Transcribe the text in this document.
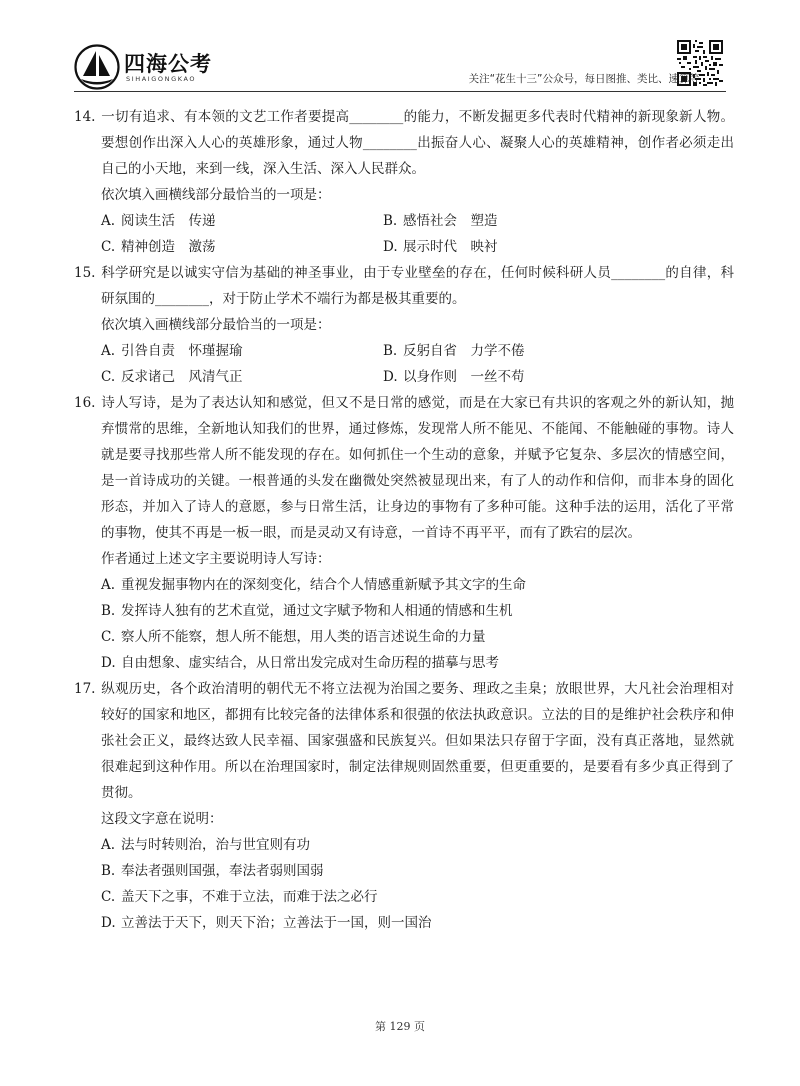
四海公考
SIHAIGONGKAO	关注“花生十三”公众号，每日图推、类比、速算等
14. 一切有追求、有本领的文艺工作者要提高________的能力，不断发掘更多代表时代精神的新现象新人物。要想创作出深入人心的英雄形象，通过人物________出振奋人心、凝聚人心的英雄精神，创作者必须走出自己的小天地，来到一线，深入生活、深入人民群众。
依次填入画横线部分最恰当的一项是：
A. 阅读生活　传递	B. 感悟社会　塑造
C. 精神创造　激荡	D. 展示时代　映衬
15. 科学研究是以诚实守信为基础的神圣事业，由于专业壁垒的存在，任何时候科研人员________的自律，科研氛围的________，对于防止学术不端行为都是极其重要的。
依次填入画横线部分最恰当的一项是：
A. 引咎自责　怀瑾握瑜	B. 反躬自省　力学不倦
C. 反求诸己　风清气正	D. 以身作则　一丝不苟
16. 诗人写诗，是为了表达认知和感觉，但又不是日常的感觉，而是在大家已有共识的客观之外的新认知，抛弃惯常的思维，全新地认知我们的世界，通过修炼，发现常人所不能见、不能闻、不能触碰的事物。诗人就是要寻找那些常人所不能发现的存在。如何抓住一个生动的意象，并赋予它复杂、多层次的情感空间，是一首诗成功的关键。一根普通的头发在幽微处突然被显现出来，有了人的动作和信仰，而非本身的固化形态，并加入了诗人的意愿，参与日常生活，让身边的事物有了多种可能。这种手法的运用，活化了平常的事物，使其不再是一板一眼，而是灵动又有诗意，一首诗不再平平，而有了跌宕的层次。
作者通过上述文字主要说明诗人写诗：
A. 重视发掘事物内在的深刻变化，结合个人情感重新赋予其文字的生命
B. 发挥诗人独有的艺术直觉，通过文字赋予物和人相通的情感和生机
C. 察人所不能察，想人所不能想，用人类的语言述说生命的力量
D. 自由想象、虚实结合，从日常出发完成对生命历程的描摹与思考
17. 纵观历史，各个政治清明的朝代无不将立法视为治国之要务、理政之圭臬；放眼世界，大凡社会治理相对较好的国家和地区，都拥有比较完备的法律体系和很强的依法执政意识。立法的目的是维护社会秩序和伸张社会正义，最终达致人民幸福、国家强盛和民族复兴。但如果法只存留于字面，没有真正落地，显然就很难起到这种作用。所以在治理国家时，制定法律规则固然重要，但更重要的，是要看有多少真正得到了贯彻。
这段文字意在说明：
A. 法与时转则治，治与世宜则有功
B. 奉法者强则国强，奉法者弱则国弱
C. 盖天下之事，不难于立法，而难于法之必行
D. 立善法于天下，则天下治；立善法于一国，则一国治
第 129 页
